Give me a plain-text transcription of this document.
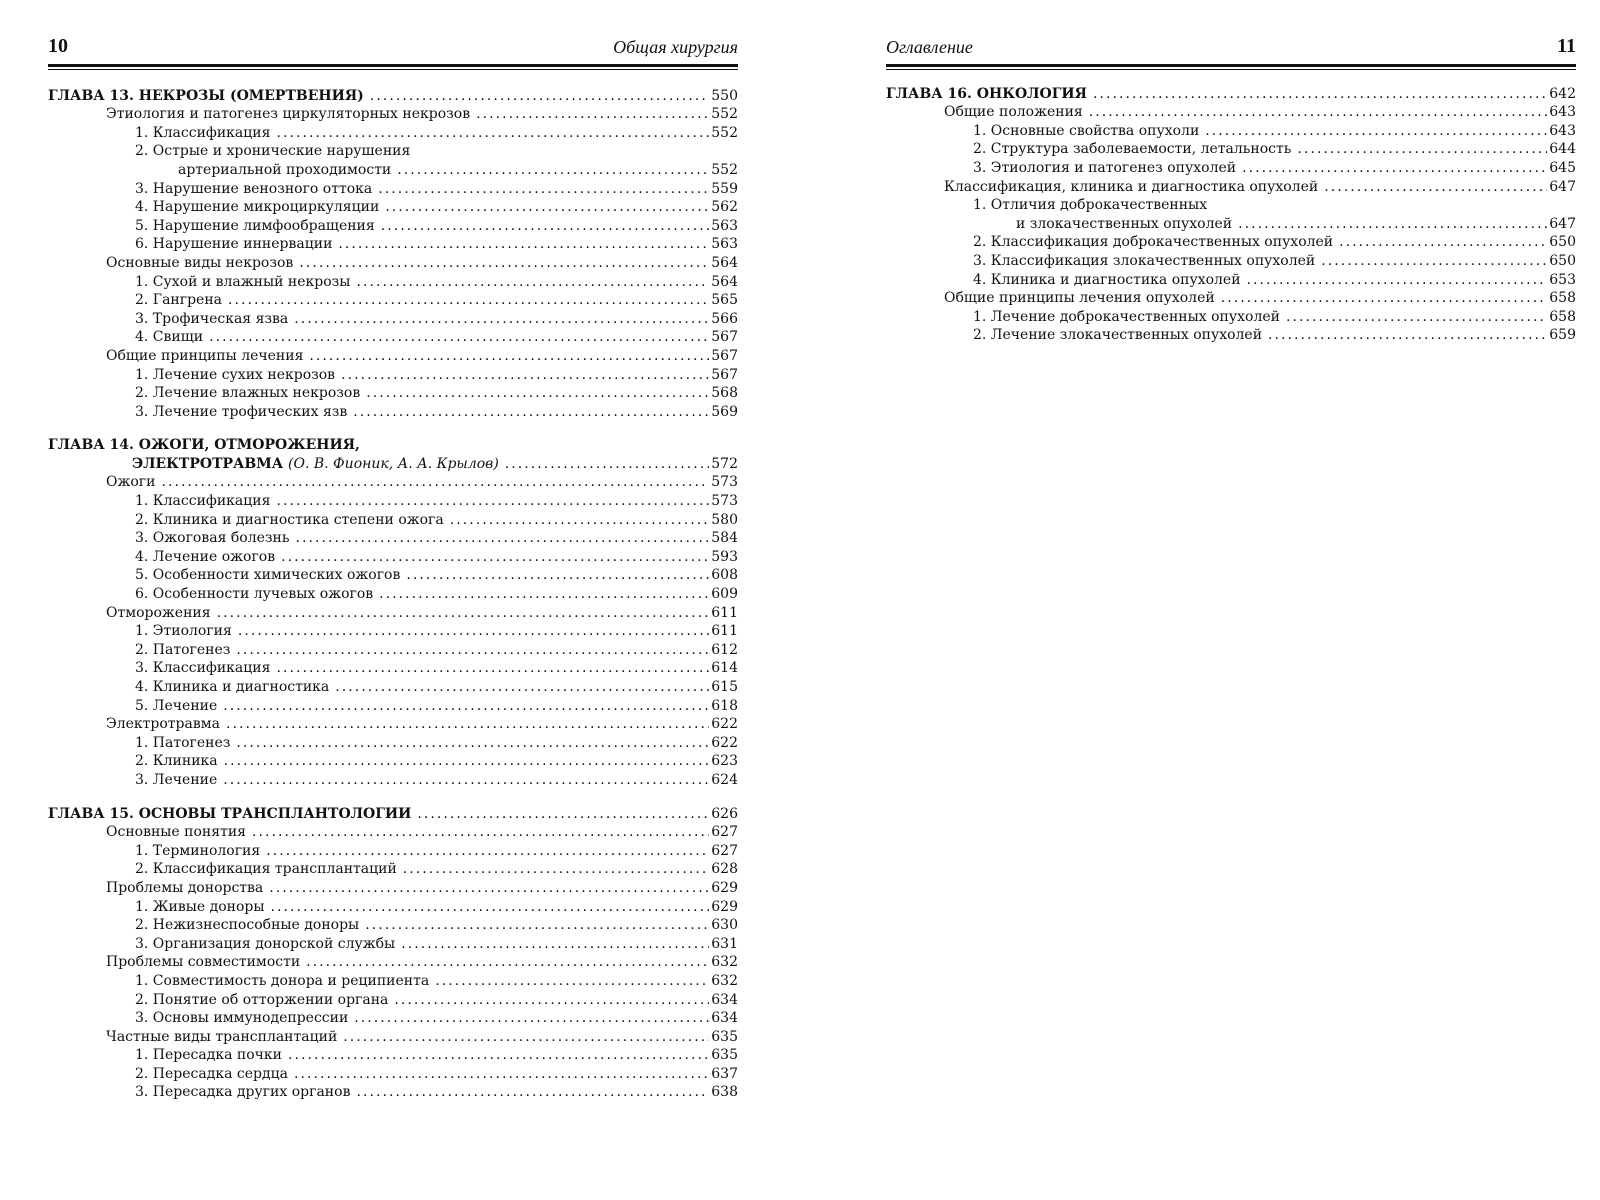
10	Общая хирургия
ГЛАВА 13. НЕКРОЗЫ (ОМЕРТВЕНИЯ) . . .	550
Этиология и патогенез циркуляторных некрозов . . .	552
1. Классификация . . .	552
2. Острые и хронические нарушения
артериальной проходимости . . .	552
3. Нарушение венозного оттока . . .	559
4. Нарушение микроциркуляции . . .	562
5. Нарушение лимфообращения . . .	563
6. Нарушение иннервации . . .	563
Основные виды некрозов . . .	564
1. Сухой и влажный некрозы . . .	564
2. Гангрена . . .	565
3. Трофическая язва . . .	566
4. Свищи . . .	567
Общие принципы лечения . . .	567
1. Лечение сухих некрозов . . .	567
2. Лечение влажных некрозов . . .	568
3. Лечение трофических язв . . .	569
ГЛАВА 14. ОЖОГИ, ОТМОРОЖЕНИЯ,
ЭЛЕКТРОТРАВМА (О. В. Фионик, А. А. Крылов) . . .	572
Ожоги . . .	573
1. Классификация . . .	573
2. Клиника и диагностика степени ожога . . .	580
3. Ожоговая болезнь . . .	584
4. Лечение ожогов . . .	593
5. Особенности химических ожогов . . .	608
6. Особенности лучевых ожогов . . .	609
Отморожения . . .	611
1. Этиология . . .	611
2. Патогенез . . .	612
3. Классификация . . .	614
4. Клиника и диагностика . . .	615
5. Лечение . . .	618
Электротравма . . .	622
1. Патогенез . . .	622
2. Клиника . . .	623
3. Лечение . . .	624
ГЛАВА 15. ОСНОВЫ ТРАНСПЛАНТОЛОГИИ . . .	626
Основные понятия . . .	627
1. Терминология . . .	627
2. Классификация трансплантаций . . .	628
Проблемы донорства . . .	629
1. Живые доноры . . .	629
2. Нежизнеспособные доноры . . .	630
3. Организация донорской службы . . .	631
Проблемы совместимости . . .	632
1. Совместимость донора и реципиента . . .	632
2. Понятие об отторжении органа . . .	634
3. Основы иммунодепрессии . . .	634
Частные виды трансплантаций . . .	635
1. Пересадка почки . . .	635
2. Пересадка сердца . . .	637
3. Пересадка других органов . . .	638
Оглавление	11
ГЛАВА 16. ОНКОЛОГИЯ . . .	642
Общие положения . . .	643
1. Основные свойства опухоли . . .	643
2. Структура заболеваемости, летальность . . .	644
3. Этиология и патогенез опухолей . . .	645
Классификация, клиника и диагностика опухолей . . .	647
1. Отличия доброкачественных
и злокачественных опухолей . . .	647
2. Классификация доброкачественных опухолей . . .	650
3. Классификация злокачественных опухолей . . .	650
4. Клиника и диагностика опухолей . . .	653
Общие принципы лечения опухолей . . .	658
1. Лечение доброкачественных опухолей . . .	658
2. Лечение злокачественных опухолей . . .	659
